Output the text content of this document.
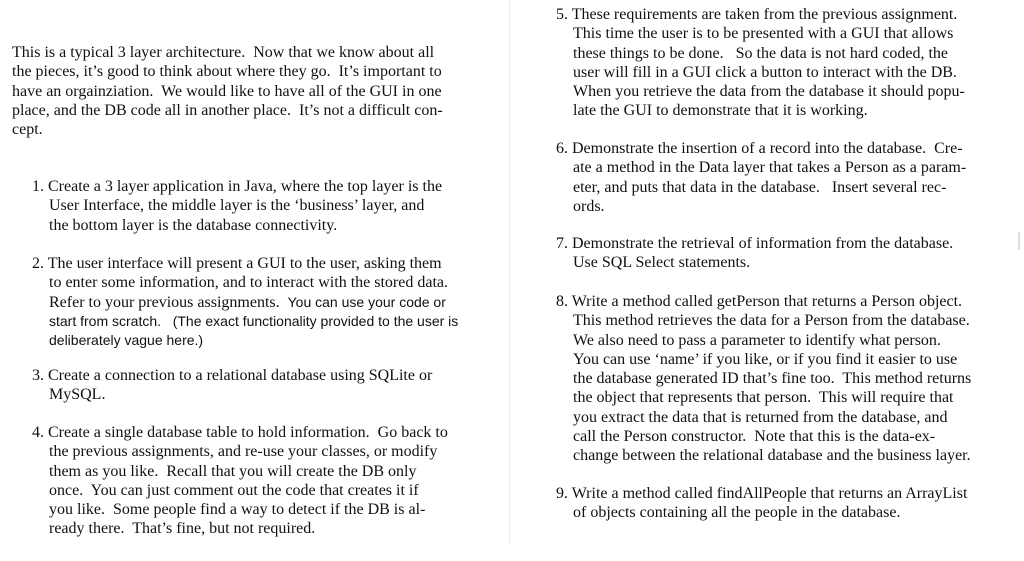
This is a typical 3 layer architecture.  Now that we know about all
the pieces, it’s good to think about where they go.  It’s important to
have an orgainziation.  We would like to have all of the GUI in one
place, and the DB code all in another place.  It’s not a difficult con-
cept.
1. Create a 3 layer application in Java, where the top layer is the
User Interface, the middle layer is the ‘business’ layer, and
the bottom layer is the database connectivity.
2. The user interface will present a GUI to the user, asking them
to enter some information, and to interact with the stored data.
Refer to your previous assignments.  You can use your code or
start from scratch.   (The exact functionality provided to the user is
deliberately vague here.)
3. Create a connection to a relational database using SQLite or
MySQL.
4. Create a single database table to hold information.  Go back to
the previous assignments, and re-use your classes, or modify
them as you like.  Recall that you will create the DB only
once.  You can just comment out the code that creates it if
you like.  Some people find a way to detect if the DB is al-
ready there.  That’s fine, but not required.
5. These requirements are taken from the previous assignment.
This time the user is to be presented with a GUI that allows
these things to be done.   So the data is not hard coded, the
user will fill in a GUI click a button to interact with the DB.
When you retrieve the data from the database it should popu-
late the GUI to demonstrate that it is working.
6. Demonstrate the insertion of a record into the database.  Cre-
ate a method in the Data layer that takes a Person as a param-
eter, and puts that data in the database.   Insert several rec-
ords.
7. Demonstrate the retrieval of information from the database.
Use SQL Select statements.
8. Write a method called getPerson that returns a Person object.
This method retrieves the data for a Person from the database.
We also need to pass a parameter to identify what person.
You can use ‘name’ if you like, or if you find it easier to use
the database generated ID that’s fine too.  This method returns
the object that represents that person.  This will require that
you extract the data that is returned from the database, and
call the Person constructor.  Note that this is the data-ex-
change between the relational database and the business layer.
9. Write a method called findAllPeople that returns an ArrayList
of objects containing all the people in the database.
